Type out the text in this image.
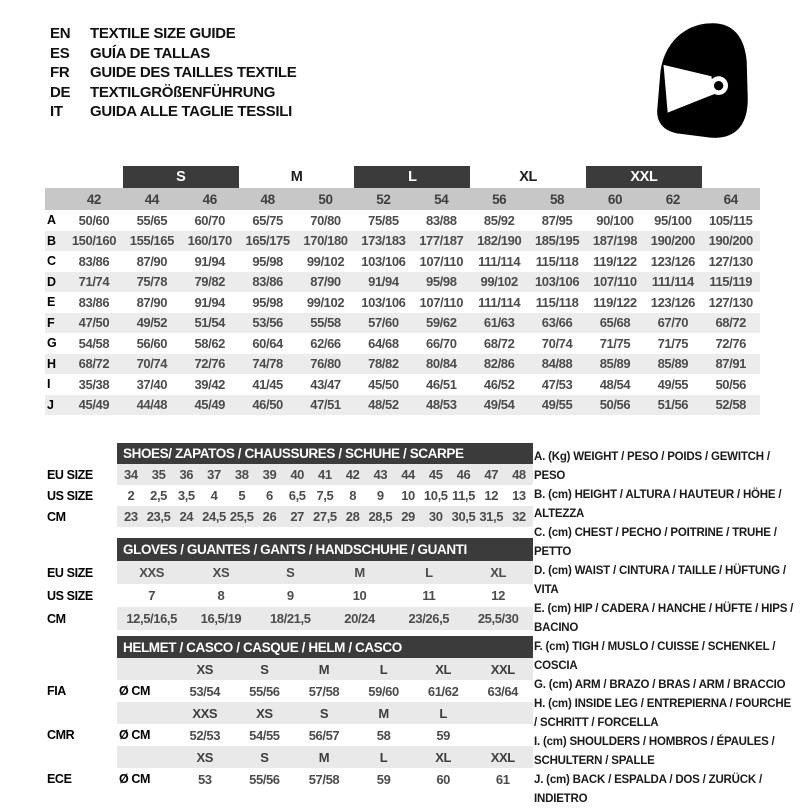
EN	TEXTILE SIZE GUIDE
ES	GUÍA DE TALLAS
FR	GUIDE DES TAILLES TEXTILE
DE	TEXTILGRÖßENFÜHRUNG
IT	GUIDA ALLE TAGLIE TESSILI
		S		M		L		XL		XXL		
	42	44	46	48	50	52	54	56	58	60	62	64
A	50/60	55/65	60/70	65/75	70/80	75/85	83/88	85/92	87/95	90/100	95/100	105/115
B	150/160	155/165	160/170	165/175	170/180	173/183	177/187	182/190	185/195	187/198	190/200	190/200
C	83/86	87/90	91/94	95/98	99/102	103/106	107/110	111/114	115/118	119/122	123/126	127/130
D	71/74	75/78	79/82	83/86	87/90	91/94	95/98	99/102	103/106	107/110	111/114	115/119
E	83/86	87/90	91/94	95/98	99/102	103/106	107/110	111/114	115/118	119/122	123/126	127/130
F	47/50	49/52	51/54	53/56	55/58	57/60	59/62	61/63	63/66	65/68	67/70	68/72
G	54/58	56/60	58/62	60/64	62/66	64/68	66/70	68/72	70/74	71/75	71/75	72/76
H	68/72	70/74	72/76	74/78	76/80	78/82	80/84	82/86	84/88	85/89	85/89	87/91
I	35/38	37/40	39/42	41/45	43/47	45/50	46/51	46/52	47/53	48/54	49/55	50/56
J	45/49	44/48	45/49	46/50	47/51	48/52	48/53	49/54	49/55	50/56	51/56	52/58
	SHOES/ ZAPATOS / CHAUSSURES / SCHUHE / SCARPE														
EU SIZE	34	35	36	37	38	39	40	41	42	43	44	45	46	47	48
US SIZE	2	2,5	3,5	4	5	6	6,5	7,5	8	9	10	10,5	11,5	12	13
CM	23	23,5	24	24,5	25,5	26	27	27,5	28	28,5	29	30	30,5	31,5	32
	GLOVES / GUANTES / GANTS / HANDSCHUHE / GUANTI					
EU SIZE	XXS	XS	S	M	L	XL
US SIZE	7	8	9	10	11	12
CM	12,5/16,5	16,5/19	18/21,5	20/24	23/26,5	25,5/30
	HELMET / CASCO / CASQUE / HELM / CASCO						
		XS	S	M	L	XL	XXL
FIA	Ø CM	53/54	55/56	57/58	59/60	61/62	63/64
		XXS	XS	S	M	L	
CMR	Ø CM	52/53	54/55	56/57	58	59	
		XS	S	M	L	XL	XXL
ECE	Ø CM	53	55/56	57/58	59	60	61
A. (Kg) WEIGHT / PESO / POIDS / GEWITCH / PESO
B. (cm) HEIGHT / ALTURA / HAUTEUR / HÖHE / ALTEZZA
C. (cm) CHEST / PECHO / POITRINE / TRUHE / PETTO
D. (cm) WAIST / CINTURA / TAILLE / HÜFTUNG / VITA
E. (cm) HIP / CADERA / HANCHE / HÜFTE / HIPS / BACINO
F. (cm) TIGH / MUSLO / CUISSE / SCHENKEL / COSCIA
G. (cm) ARM / BRAZO / BRAS / ARM / BRACCIO
H. (cm) INSIDE LEG / ENTREPIERNA / FOURCHE / SCHRITT / FORCELLA
I. (cm) SHOULDERS / HOMBROS / ÉPAULES / SCHULTERN / SPALLE
J. (cm) BACK / ESPALDA / DOS / ZURÜCK / INDIETRO
